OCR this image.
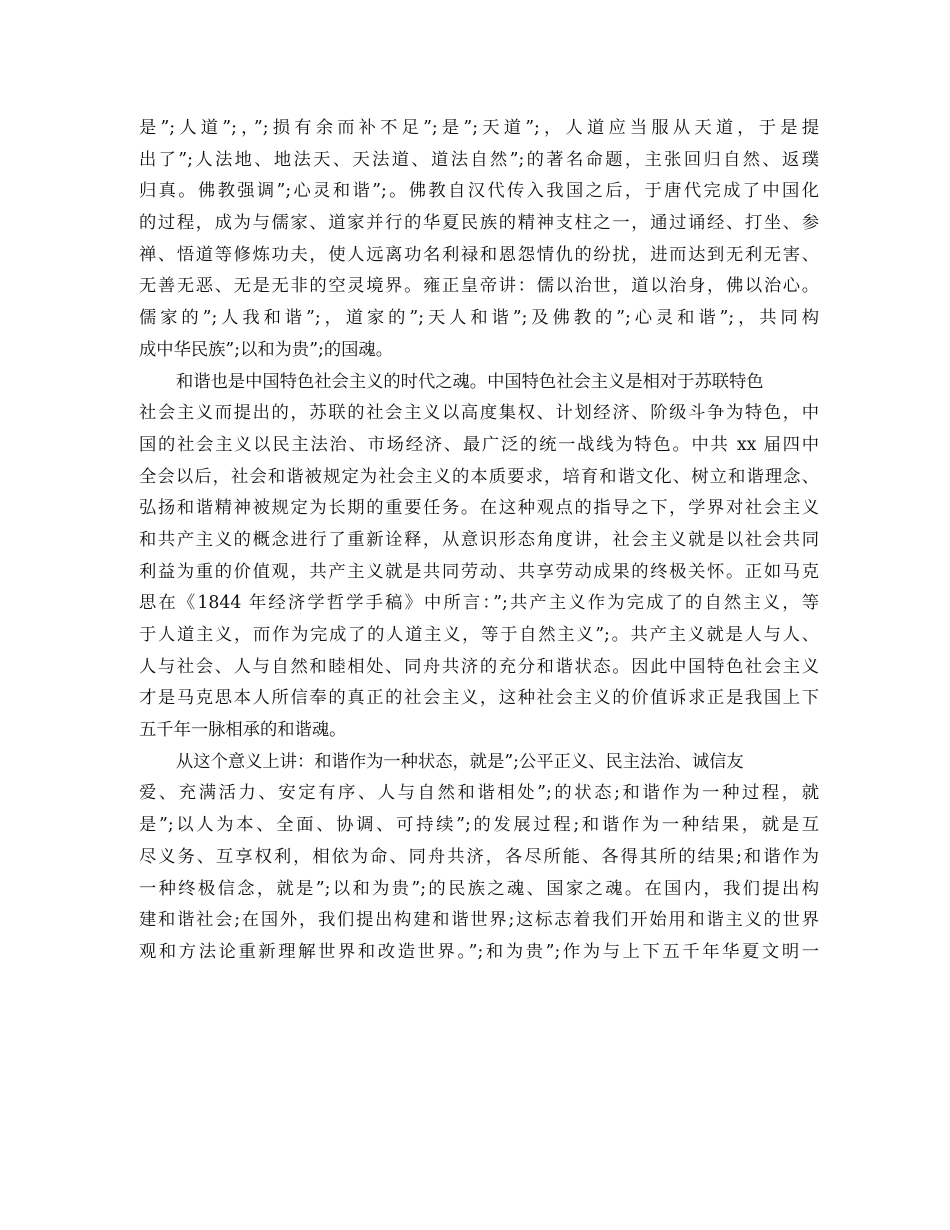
是”;人道”;，”;损有余而补不足”;是”;天道”;，人道应当服从天道，于是提
出了”;人法地、地法天、天法道、道法自然”;的著名命题，主张回归自然、返璞
归真。佛教强调”;心灵和谐”;。佛教自汉代传入我国之后，于唐代完成了中国化
的过程，成为与儒家、道家并行的华夏民族的精神支柱之一，通过诵经、打坐、参
禅、悟道等修炼功夫，使人远离功名利禄和恩怨情仇的纷扰，进而达到无利无害、
无善无恶、无是无非的空灵境界。雍正皇帝讲：儒以治世，道以治身，佛以治心。
儒家的”;人我和谐”;，道家的”;天人和谐”;及佛教的”;心灵和谐”;，共同构
成中华民族”;以和为贵”;的国魂。
和谐也是中国特色社会主义的时代之魂。中国特色社会主义是相对于苏联特色
社会主义而提出的，苏联的社会主义以高度集权、计划经济、阶级斗争为特色，中
国的社会主义以民主法治、市场经济、最广泛的统一战线为特色。中共 xx 届四中
全会以后，社会和谐被规定为社会主义的本质要求，培育和谐文化、树立和谐理念、
弘扬和谐精神被规定为长期的重要任务。在这种观点的指导之下，学界对社会主义
和共产主义的概念进行了重新诠释，从意识形态角度讲，社会主义就是以社会共同
利益为重的价值观，共产主义就是共同劳动、共享劳动成果的终极关怀。正如马克
思在《1844 年经济学哲学手稿》中所言：”;共产主义作为完成了的自然主义，等
于人道主义，而作为完成了的人道主义，等于自然主义”;。共产主义就是人与人、
人与社会、人与自然和睦相处、同舟共济的充分和谐状态。因此中国特色社会主义
才是马克思本人所信奉的真正的社会主义，这种社会主义的价值诉求正是我国上下
五千年一脉相承的和谐魂。
从这个意义上讲：和谐作为一种状态，就是”;公平正义、民主法治、诚信友
爱、充满活力、安定有序、人与自然和谐相处”;的状态;和谐作为一种过程，就
是”;以人为本、全面、协调、可持续”;的发展过程;和谐作为一种结果，就是互
尽义务、互享权利，相依为命、同舟共济，各尽所能、各得其所的结果;和谐作为
一种终极信念，就是”;以和为贵”;的民族之魂、国家之魂。在国内，我们提出构
建和谐社会;在国外，我们提出构建和谐世界;这标志着我们开始用和谐主义的世界
观和方法论重新理解世界和改造世界。”;和为贵”;作为与上下五千年华夏文明一
